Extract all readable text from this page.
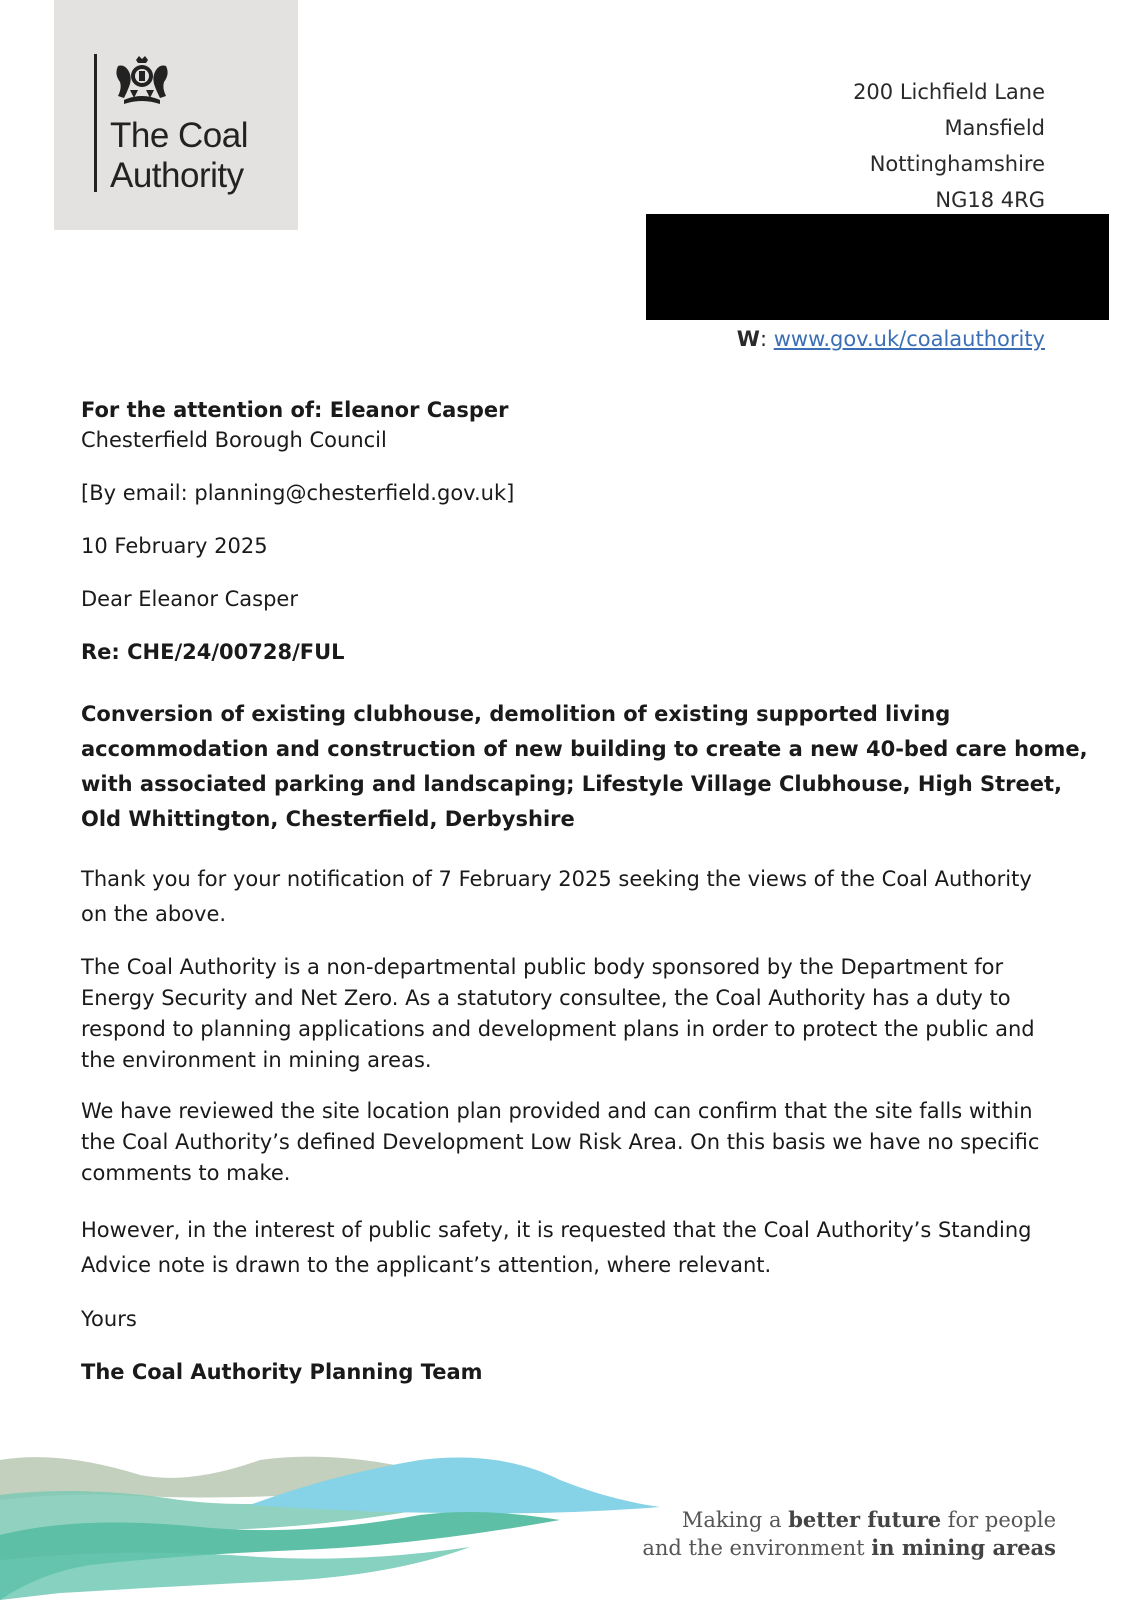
The Coal
Authority
200 Lichfield Lane
Mansfield
Nottinghamshire
NG18 4RG
W: www.gov.uk/coalauthority
For the attention of: Eleanor Casper
Chesterfield Borough Council
[By email: planning@chesterfield.gov.uk]
10 February 2025
Dear Eleanor Casper
Re: CHE/24/00728/FUL
Conversion of existing clubhouse, demolition of existing supported living
accommodation and construction of new building to create a new 40-bed care home,
with associated parking and landscaping; Lifestyle Village Clubhouse, High Street,
Old Whittington, Chesterfield, Derbyshire
Thank you for your notification of 7 February 2025 seeking the views of the Coal Authority
on the above.
The Coal Authority is a non-departmental public body sponsored by the Department for
Energy Security and Net Zero. As a statutory consultee, the Coal Authority has a duty to
respond to planning applications and development plans in order to protect the public and
the environment in mining areas.
We have reviewed the site location plan provided and can confirm that the site falls within
the Coal Authority’s defined Development Low Risk Area. On this basis we have no specific
comments to make.
However, in the interest of public safety, it is requested that the Coal Authority’s Standing
Advice note is drawn to the applicant’s attention, where relevant.
Yours
The Coal Authority Planning Team
Making a better future for people
and the environment in mining areas
